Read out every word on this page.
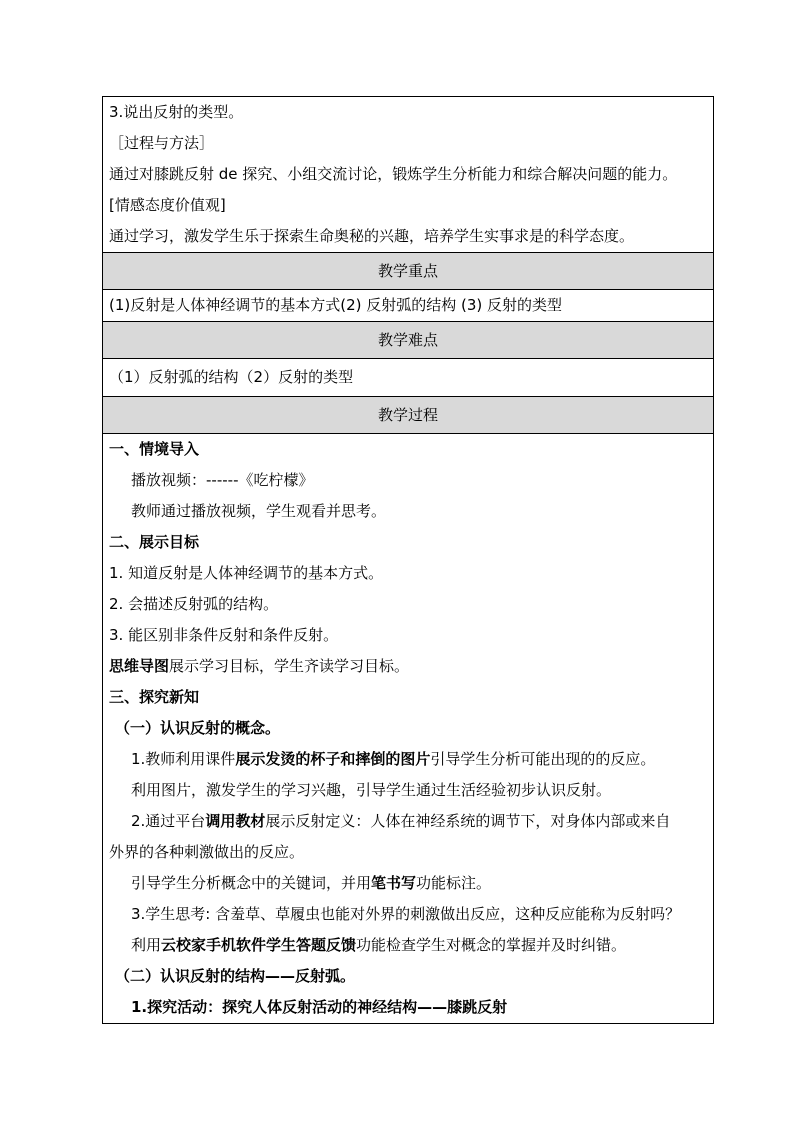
3.说出反射的类型。
［过程与方法］
通过对膝跳反射 de 探究、小组交流讨论，锻炼学生分析能力和综合解决问题的能力。
[情感态度价值观]
通过学习，激发学生乐于探索生命奥秘的兴趣，培养学生实事求是的科学态度。
教学重点
(1)反射是人体神经调节的基本方式(2) 反射弧的结构 (3) 反射的类型
教学难点
（1）反射弧的结构（2）反射的类型
教学过程
一、情境导入
播放视频：------《吃柠檬》
教师通过播放视频，学生观看并思考。
二、展示目标
1. 知道反射是人体神经调节的基本方式。
2. 会描述反射弧的结构。
3. 能区别非条件反射和条件反射。
思维导图展示学习目标，学生齐读学习目标。
三、探究新知
（一）认识反射的概念。
1.教师利用课件展示发烫的杯子和摔倒的图片引导学生分析可能出现的的反应。
利用图片，激发学生的学习兴趣，引导学生通过生活经验初步认识反射。
2.通过平台调用教材展示反射定义：人体在神经系统的调节下，对身体内部或来自
外界的各种刺激做出的反应。
引导学生分析概念中的关键词，并用笔书写功能标注。
3.学生思考: 含羞草、草履虫也能对外界的刺激做出反应，这种反应能称为反射吗？
利用云校家手机软件学生答题反馈功能检查学生对概念的掌握并及时纠错。
（二）认识反射的结构——反射弧。
1.探究活动：探究人体反射活动的神经结构——膝跳反射
